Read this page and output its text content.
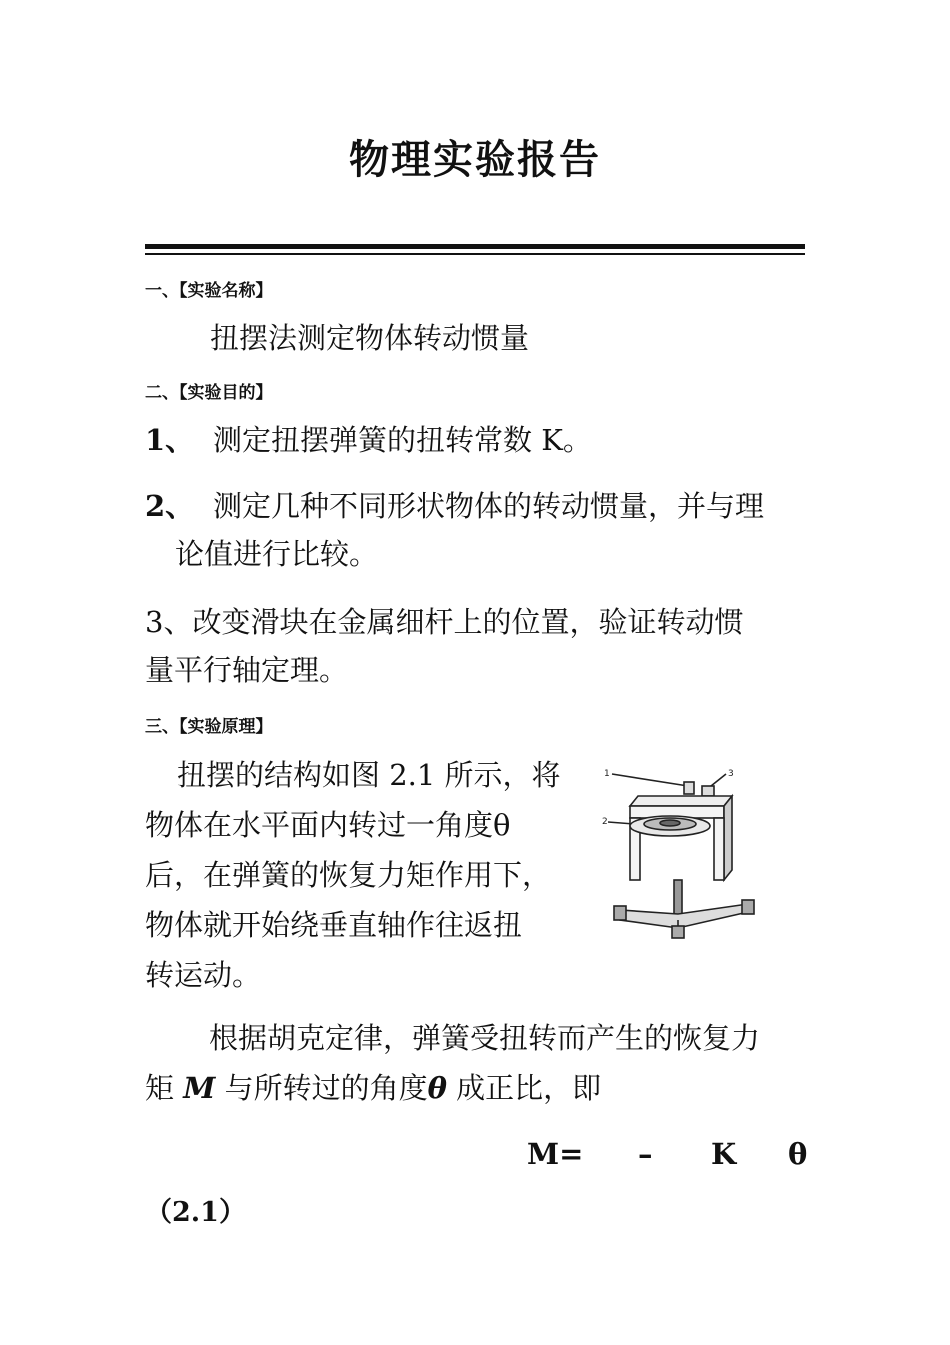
物理实验报告
一、【实验名称】
扭摆法测定物体转动惯量
二、【实验目的】
1、 测定扭摆弹簧的扭转常数 K。
2、 测定几种不同形状物体的转动惯量，并与理
论值进行比较。
3、改变滑块在金属细杆上的位置，验证转动惯
量平行轴定理。
三、【实验原理】
扭摆的结构如图 2.1 所示，将
物体在水平面内转过一角度θ
后，在弹簧的恢复力矩作用下，
物体就开始绕垂直轴作往返扭
转运动。
1
2
3
根据胡克定律，弹簧受扭转而产生的恢复力
矩 M 与所转过的角度θ 成正比，即
M= – K θ
（2.1）
